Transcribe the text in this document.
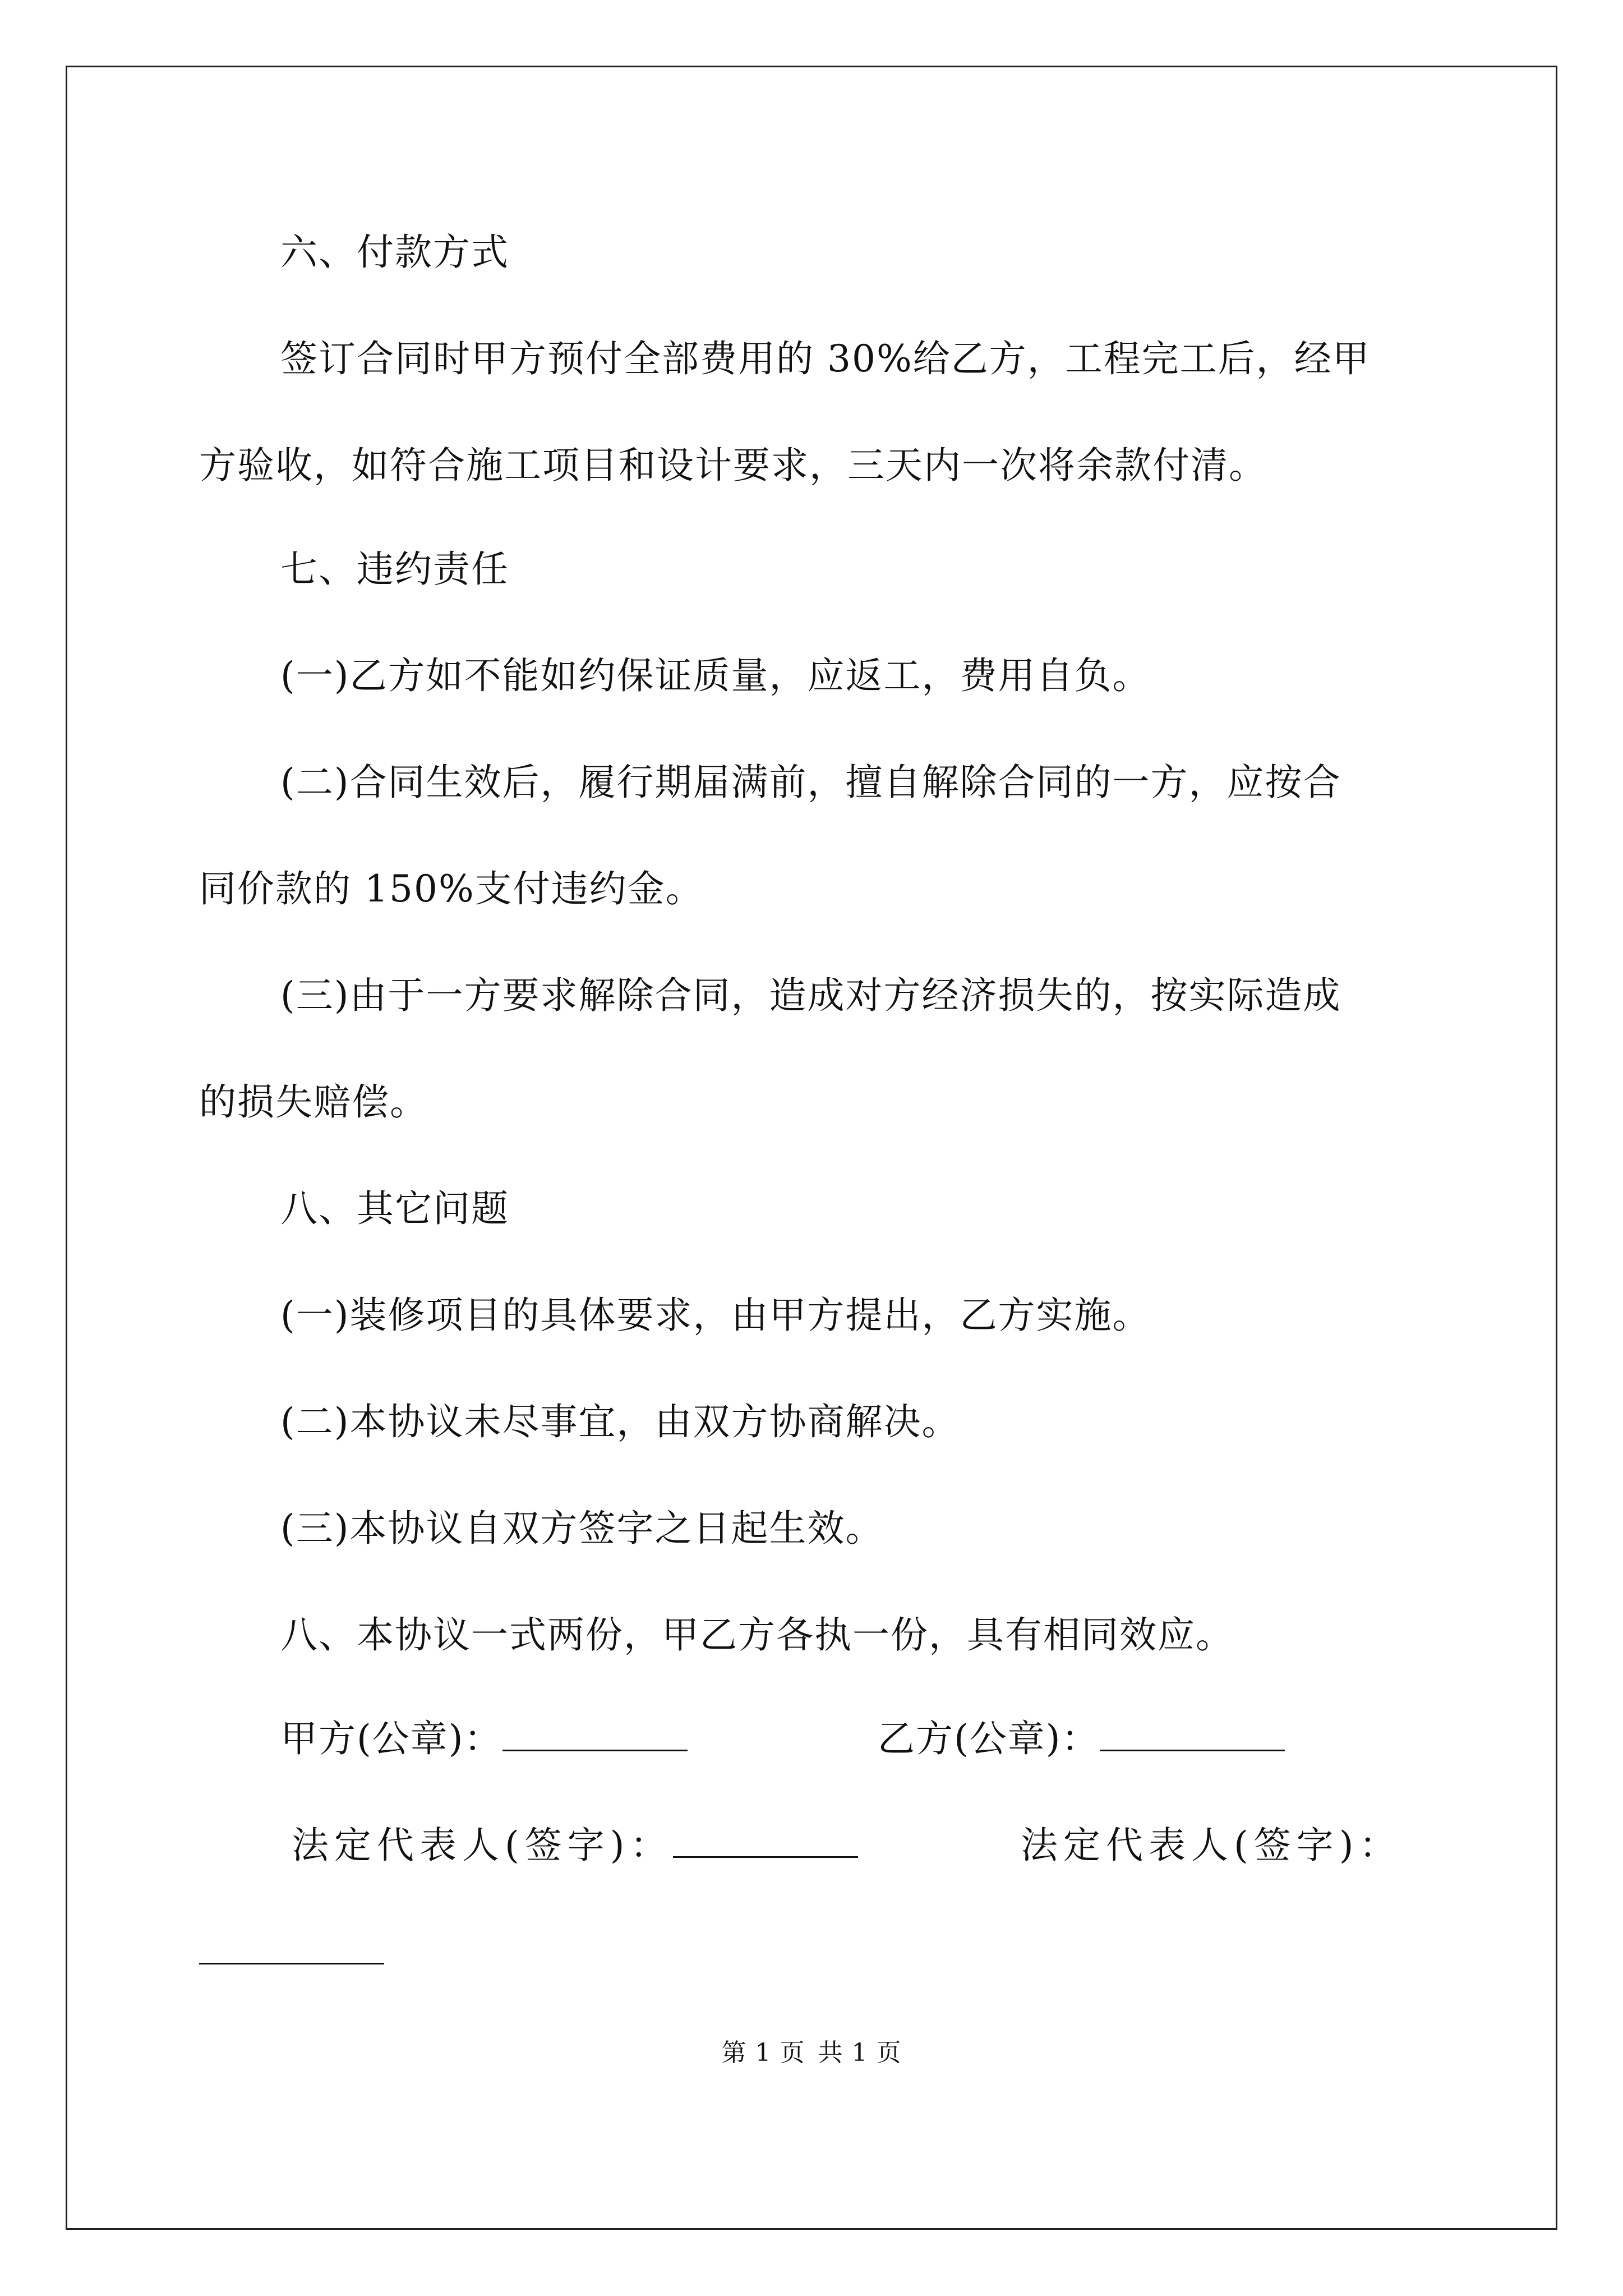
六、付款方式
签订合同时甲方预付全部费用的 30%给乙方，工程完工后，经甲
方验收，如符合施工项目和设计要求，三天内一次将余款付清。
七、违约责任
(一)乙方如不能如约保证质量，应返工，费用自负。
(二)合同生效后，履行期届满前，擅自解除合同的一方，应按合
同价款的 150%支付违约金。
(三)由于一方要求解除合同，造成对方经济损失的，按实际造成
的损失赔偿。
八、其它问题
(一)装修项目的具体要求，由甲方提出，乙方实施。
(二)本协议未尽事宜，由双方协商解决。
(三)本协议自双方签字之日起生效。
八、本协议一式两份，甲乙方各执一份，具有相同效应。
甲方(公章)：	乙方(公章)：
法定代表人(签字)：	法定代表人(签字)：
第 1 页 共 1 页
